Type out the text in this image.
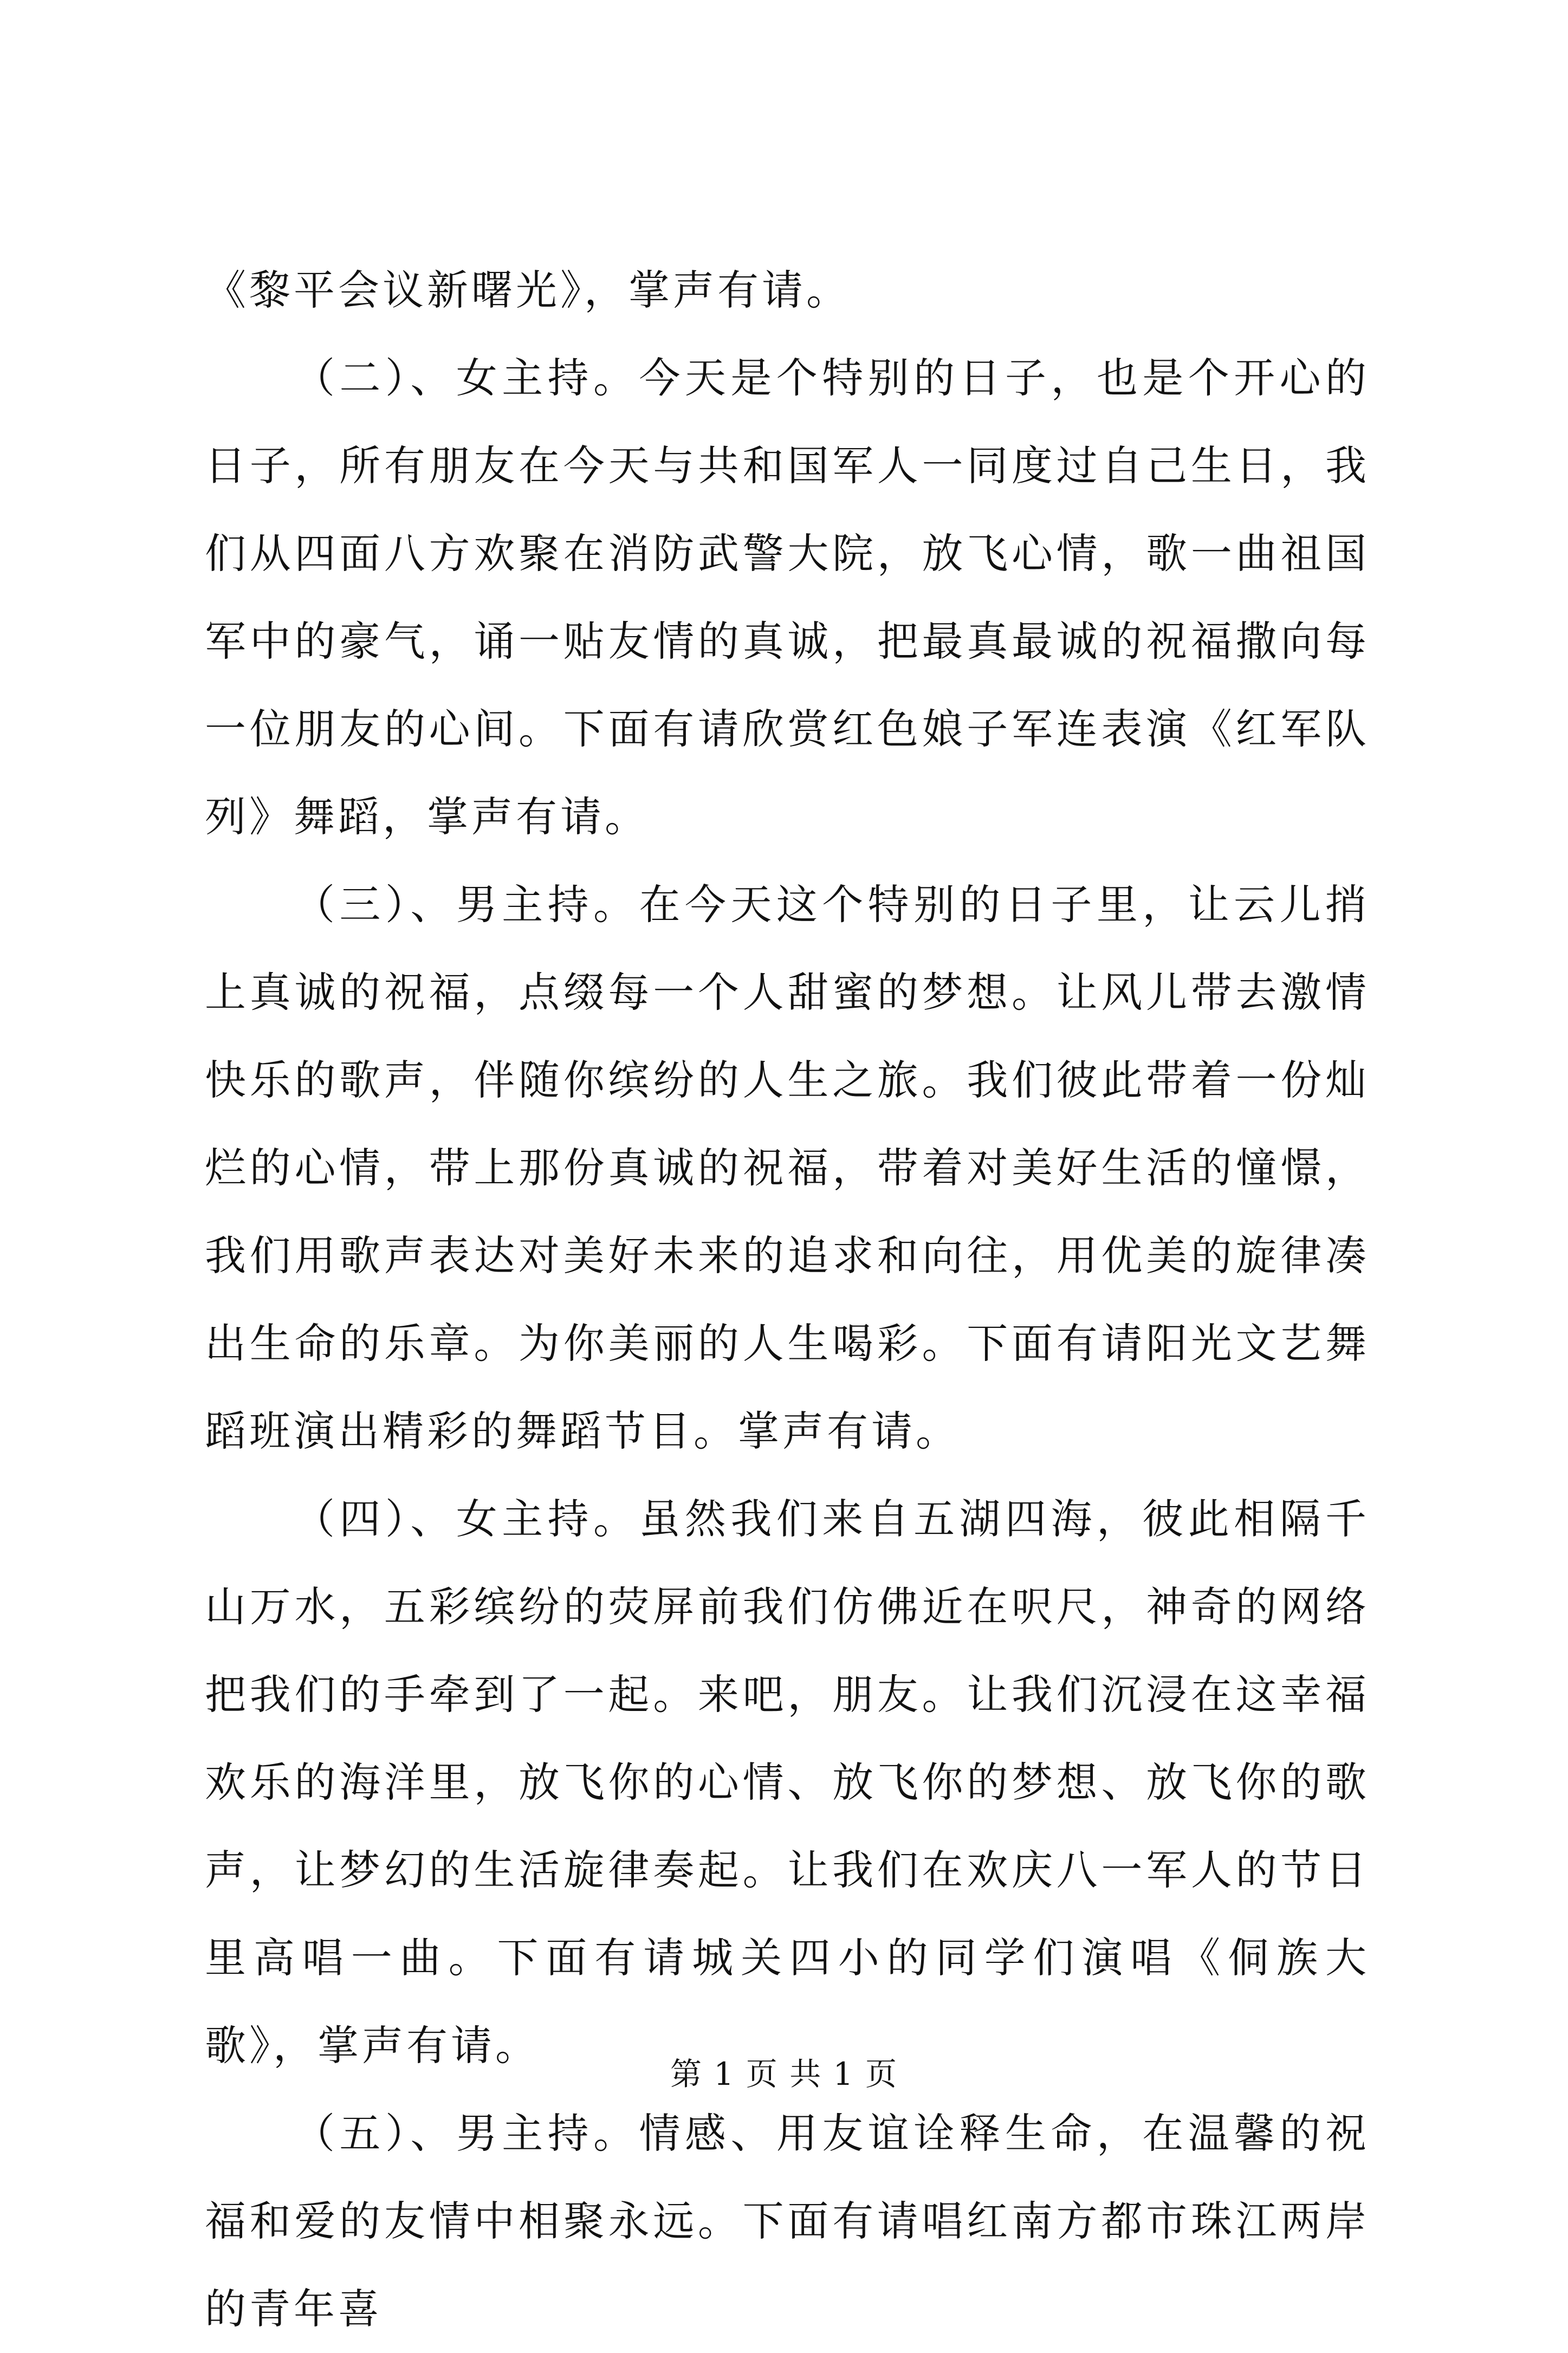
《黎平会议新曙光》，掌声有请。

（二）、女主持。今天是个特别的日子，也是个开心的日子，所有朋友在今天与共和国军人一同度过自己生日，我们从四面八方欢聚在消防武警大院，放飞心情，歌一曲祖国军中的豪气，诵一贴友情的真诚，把最真最诚的祝福撒向每一位朋友的心间。下面有请欣赏红色娘子军连表演《红军队列》舞蹈，掌声有请。

（三）、男主持。在今天这个特别的日子里，让云儿捎上真诚的祝福，点缀每一个人甜蜜的梦想。让风儿带去激情快乐的歌声，伴随你缤纷的人生之旅。我们彼此带着一份灿烂的心情，带上那份真诚的祝福，带着对美好生活的憧憬，我们用歌声表达对美好未来的追求和向往，用优美的旋律凑出生命的乐章。为你美丽的人生喝彩。下面有请阳光文艺舞蹈班演出精彩的舞蹈节目。掌声有请。

（四）、女主持。虽然我们来自五湖四海，彼此相隔千山万水，五彩缤纷的荧屏前我们仿佛近在呎尺，神奇的网络把我们的手牵到了一起。来吧，朋友。让我们沉浸在这幸福欢乐的海洋里，放飞你的心情、放飞你的梦想、放飞你的歌声，让梦幻的生活旋律奏起。让我们在欢庆八一军人的节日里高唱一曲。下面有请城关四小的同学们演唱《侗族大歌》，掌声有请。

（五）、男主持。情感、用友谊诠释生命，在温馨的祝福和爱的友情中相聚永远。下面有请唱红南方都市珠江两岸的青年喜

第 1 页 共 1 页
